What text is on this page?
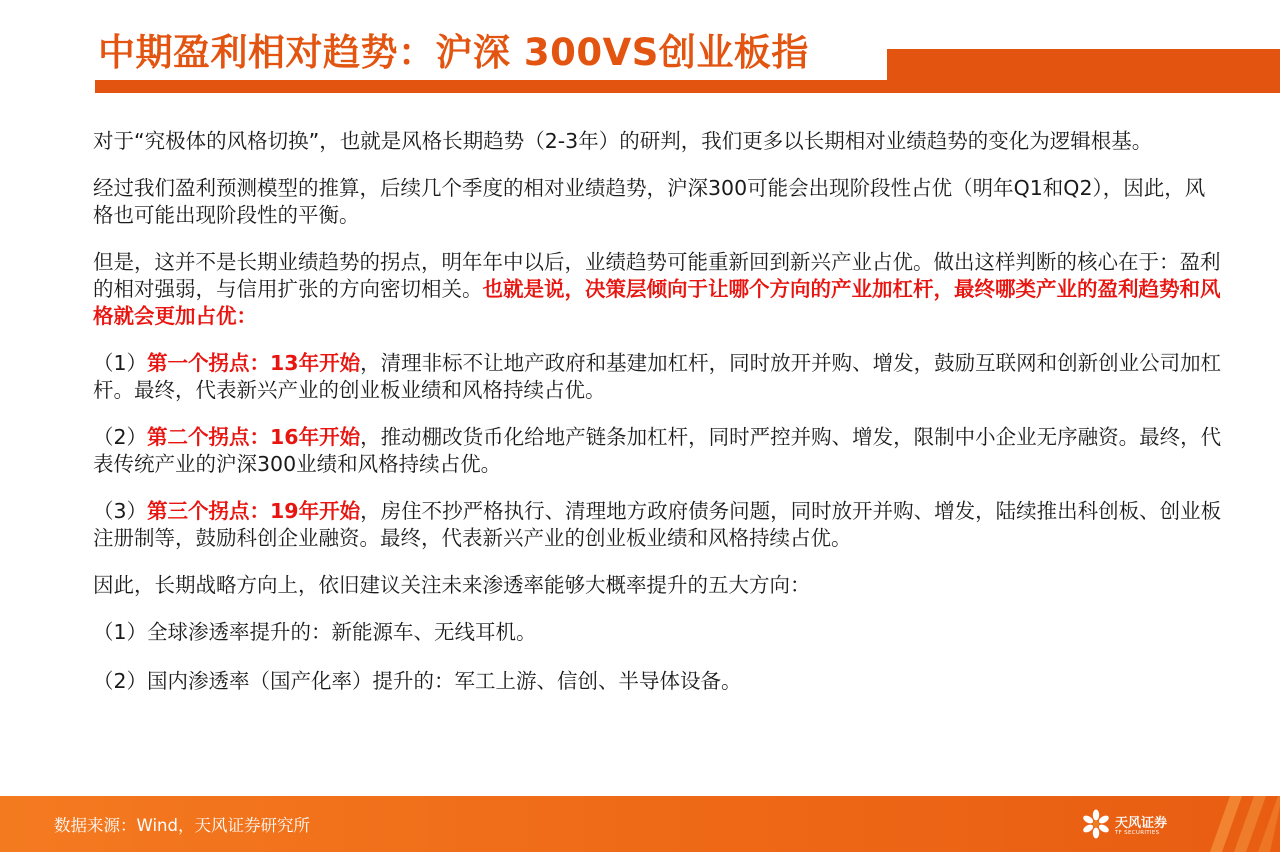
中期盈利相对趋势：沪深 300VS创业板指

对于“究极体的风格切换”，也就是风格长期趋势（2-3年）的研判，我们更多以长期相对业绩趋势的变化为逻辑根基。

经过我们盈利预测模型的推算，后续几个季度的相对业绩趋势，沪深300可能会出现阶段性占优（明年Q1和Q2），因此，风格也可能出现阶段性的平衡。

但是，这并不是长期业绩趋势的拐点，明年年中以后，业绩趋势可能重新回到新兴产业占优。做出这样判断的核心在于：盈利的相对强弱，与信用扩张的方向密切相关。也就是说，决策层倾向于让哪个方向的产业加杠杆，最终哪类产业的盈利趋势和风格就会更加占优：

（1）第一个拐点：13年开始，清理非标不让地产政府和基建加杠杆，同时放开并购、增发，鼓励互联网和创新创业公司加杠杆。最终，代表新兴产业的创业板业绩和风格持续占优。

（2）第二个拐点：16年开始，推动棚改货币化给地产链条加杠杆，同时严控并购、增发，限制中小企业无序融资。最终，代表传统产业的沪深300业绩和风格持续占优。

（3）第三个拐点：19年开始，房住不抄严格执行、清理地方政府债务问题，同时放开并购、增发，陆续推出科创板、创业板注册制等，鼓励科创企业融资。最终，代表新兴产业的创业板业绩和风格持续占优。

因此，长期战略方向上，依旧建议关注未来渗透率能够大概率提升的五大方向：

（1）全球渗透率提升的：新能源车、无线耳机。

（2）国内渗透率（国产化率）提升的：军工上游、信创、半导体设备。

数据来源：Wind，天风证券研究所	天风证券
TF SECURITIES
